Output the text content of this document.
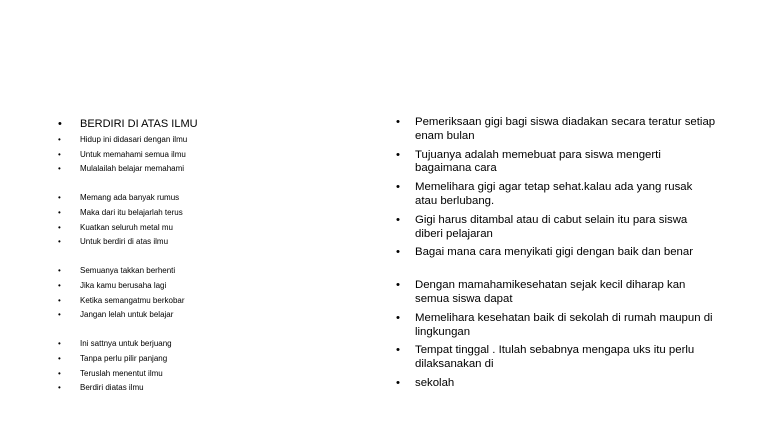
•	BERDIRI DI ATAS ILMU
•	Hidup ini didasari dengan ilmu
•	Untuk memahami semua ilmu
•	Mulalailah belajar memahami
•	Memang ada banyak rumus
•	Maka dari itu belajarlah terus
•	Kuatkan seluruh metal mu
•	Untuk berdiri di atas ilmu
•	Semuanya takkan berhenti
•	Jika kamu berusaha lagi
•	Ketika semangatmu berkobar
•	Jangan lelah untuk belajar
•	Ini sattnya untuk berjuang
•	Tanpa perlu pilir panjang
•	Teruslah menentut ilmu
•	Berdiri diatas ilmu
•	Pemeriksaan gigi bagi siswa diadakan secara teratur setiap enam bulan
•	Tujuanya adalah memebuat para siswa mengerti bagaimana cara
•	Memelihara gigi agar tetap sehat.kalau ada yang rusak atau berlubang.
•	Gigi harus ditambal atau di cabut selain itu para siswa diberi pelajaran
•	Bagai mana cara menyikati gigi dengan baik dan benar
•	Dengan mamahamikesehatan sejak kecil diharap kan semua siswa dapat
•	Memelihara kesehatan baik di sekolah di rumah maupun di lingkungan
•	Tempat tinggal . Itulah sebabnya mengapa uks itu perlu dilaksanakan di
•	sekolah
